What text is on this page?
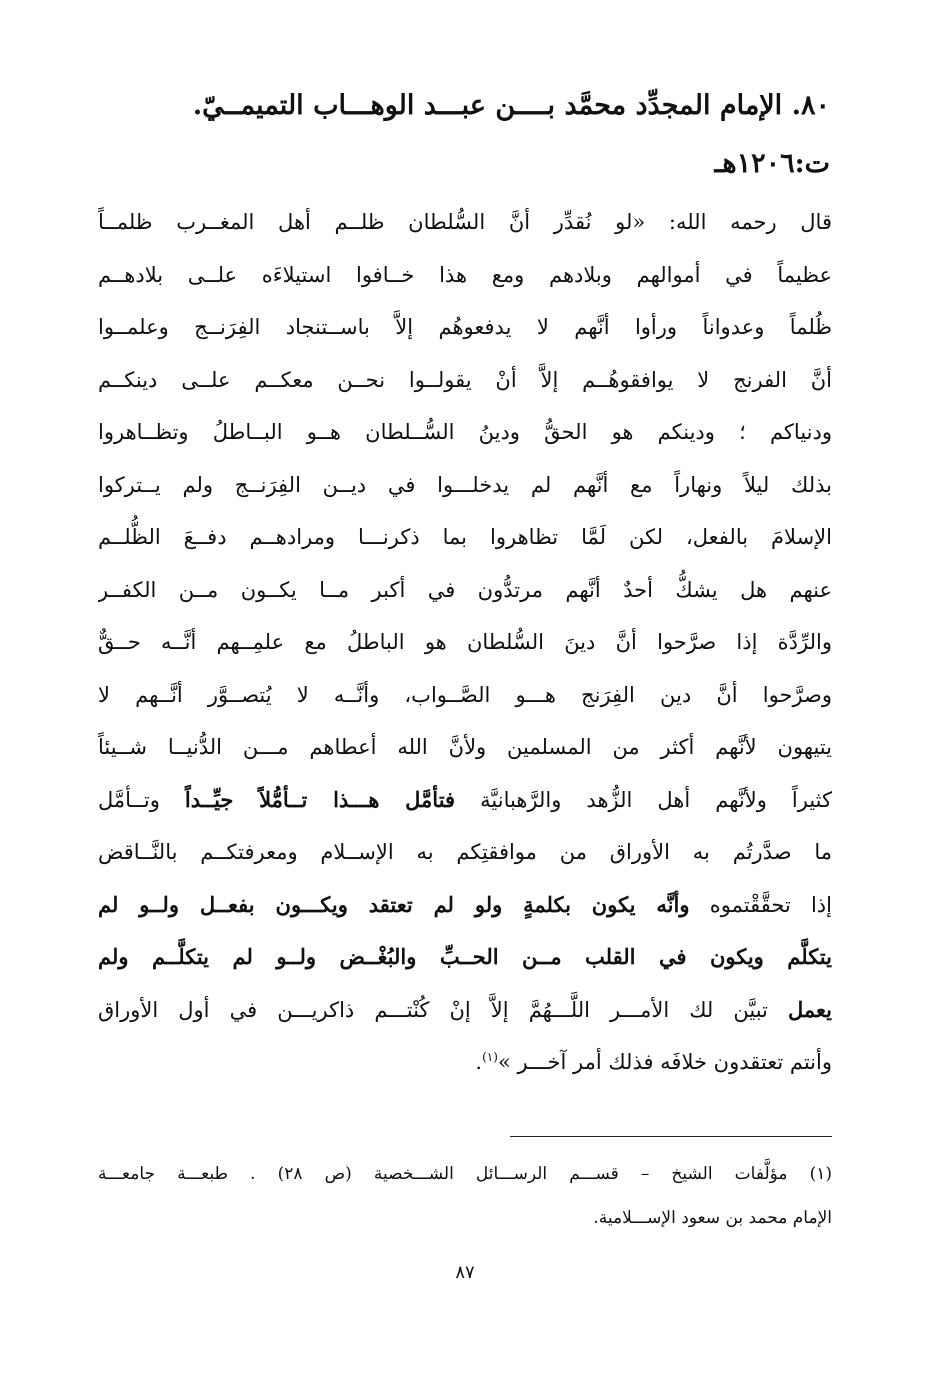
٨٠. الإمام المجدِّد محمَّد بــــن عبـــد الوهـــاب التميمــيّ.
ت:١٢٠٦هـ
قال رحمه الله: «لو نُقدِّر أنَّ السُّلطان ظلــم أهل المغــرب ظلمــاً
عظيماً في أموالهم وبلادهم ومع هذا خــافوا استيلاءَه علــى بلادهــم
ظُلماً وعدواناً ورأوا أنَّهم لا يدفعوهُم إلاَّ باســتنجاد الفِرَنــج وعلمــوا
أنَّ الفرنج لا يوافقوهُــم إلاَّ أنْ يقولــوا نحــن معكــم علــى دينكــم
ودنياكم ؛ ودينكم هو الحقُّ ودينُ السُّــلطان هــو البــاطلُ وتظــاهروا
بذلك ليلاً ونهاراً مع أنَّهم لم يدخلـــوا في ديــن الفِرَنــج ولم يــتركوا
الإسلامَ بالفعل، لكن لَمَّا تظاهروا بما ذكرنـــا ومرادهــم دفــعَ الظُّلــم
عنهم هل يشكُّ أحدٌ أنَّهم مرتدُّون في أكبر مــا يكــون مــن الكفــر
والرِّدَّة إذا صرَّحوا أنَّ دينَ السُّلطان هو الباطلُ مع علمِــهم أنَّــه حــقٌّ
وصرَّحوا أنَّ دين الفِرَنج هـــو الصَّــواب، وأنَّــه لا يُتصــوَّر أنَّــهم لا
يتيهون لأنَّهم أكثر من المسلمين ولأنَّ الله أعطاهم مـــن الدُّنيــا شــيئاً
كثيراً ولأنَّهم أهل الزُّهد والرَّهبانيَّة فتأمَّل هـــذا تــأمُّلاً جيِّــداً وتــأمَّل
ما صدَّرتُم به الأوراق من موافقتِكم به الإســلام ومعرفتكــم بالنَّــاقض
إذا تحقَّقْتموه وأنَّه يكون بكلمةٍ ولو لم تعتقد ويكـــون بفعــل ولــو لم
يتكلَّم ويكون في القلب مــن الحــبِّ والبُغْــض ولــو لم يتكلَّــم ولم
يعمل تبيَّن لك الأمـــر اللَّـــهُمَّ إلاَّ إنْ كُنْتـــم ذاكريـــن في أول الأوراق
وأنتم تعتقدون خلافَه فذلك أمر آخـــر »$^{(١)}$.
(١) مؤلَّفات الشيخ – قســـم الرســـائل الشـــخصية (ص ٢٨) . طبعـــة جامعـــة
الإمام محمد بن سعود الإســـلامية.
٨٧
